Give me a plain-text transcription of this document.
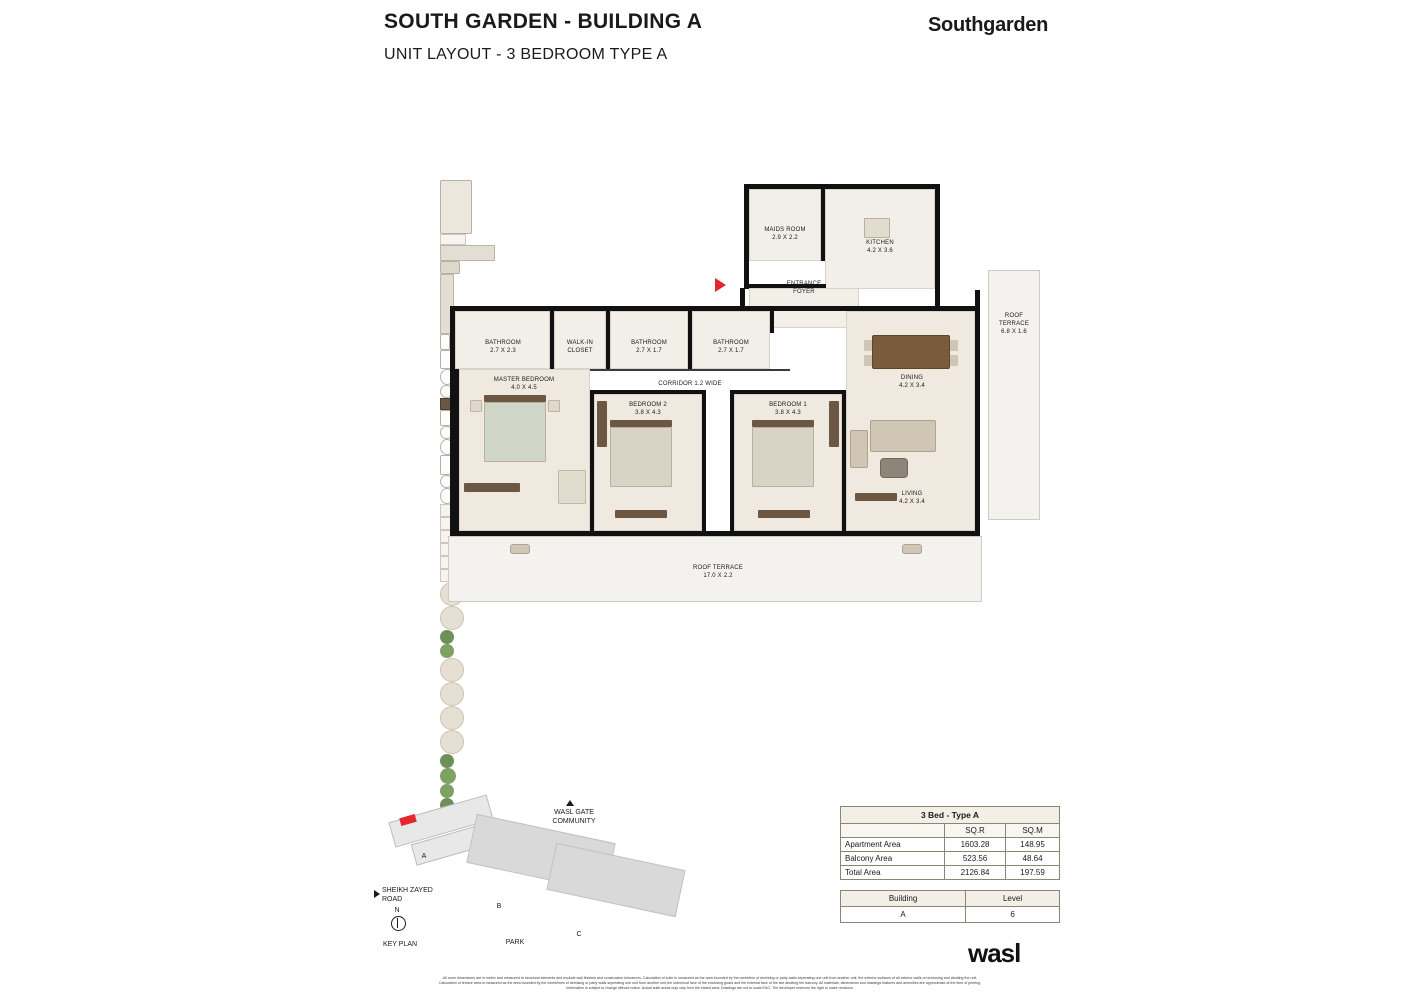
SOUTH GARDEN - BUILDING A
UNIT LAYOUT - 3 BEDROOM TYPE A
Southgarden
KITCHEN
4.2 X 3.6
MAIDS ROOM
2.9 X 2.2
ENTRANCE
FOYER
BATHROOM
2.7 X 2.3
WALK-IN
CLOSET
BATHROOM
2.7 X 1.7
BATHROOM
2.7 X 1.7
CORRIDOR 1.2 WIDE
MASTER BEDROOM
4.0 X 4.5
BEDROOM 2
3.8 X 4.3
BEDROOM 1
3.8 X 4.3
DINING
4.2 X 3.4
LIVING
4.2 X 3.4
ROOF
TERRACE
6.8 X 1.6
ROOF TERRACE
17.0 X 2.2
A
B
C
WASL GATE
COMMUNITY
SHEIKH ZAYED
ROAD
PARK
N
KEY PLAN
3 Bed - Type A		
	SQ.R	SQ.M
Apartment Area	1603.28	148.95
Balcony Area	523.56	48.64
Total Area	2126.84	197.59
Building	Level
A	6
wasl
All room dimensions are in metric and measured to structural elements and exclude wall finishes and construction tolerances. Calculation of suite is measured as the area bounded by the centerline of demising or party walls seperating one unit from another unit, the exterior surfaces of all exterior walls on enclosing and abutting the unit.
Calculation of terrace area is measured as the area bounded by the centerlines of demising or party walls seperating one unit from another unit,the outermost face of the enclosing guard and the external face of the site abutting the balcony. All materials, dimensions and drawings features and amenities are approximate at the time of printing.
Information is subject to change without notice. Actual suite areas may vary from the stated area. Drawings are not to scale E&O. The developer reserves the right to make revisions.
